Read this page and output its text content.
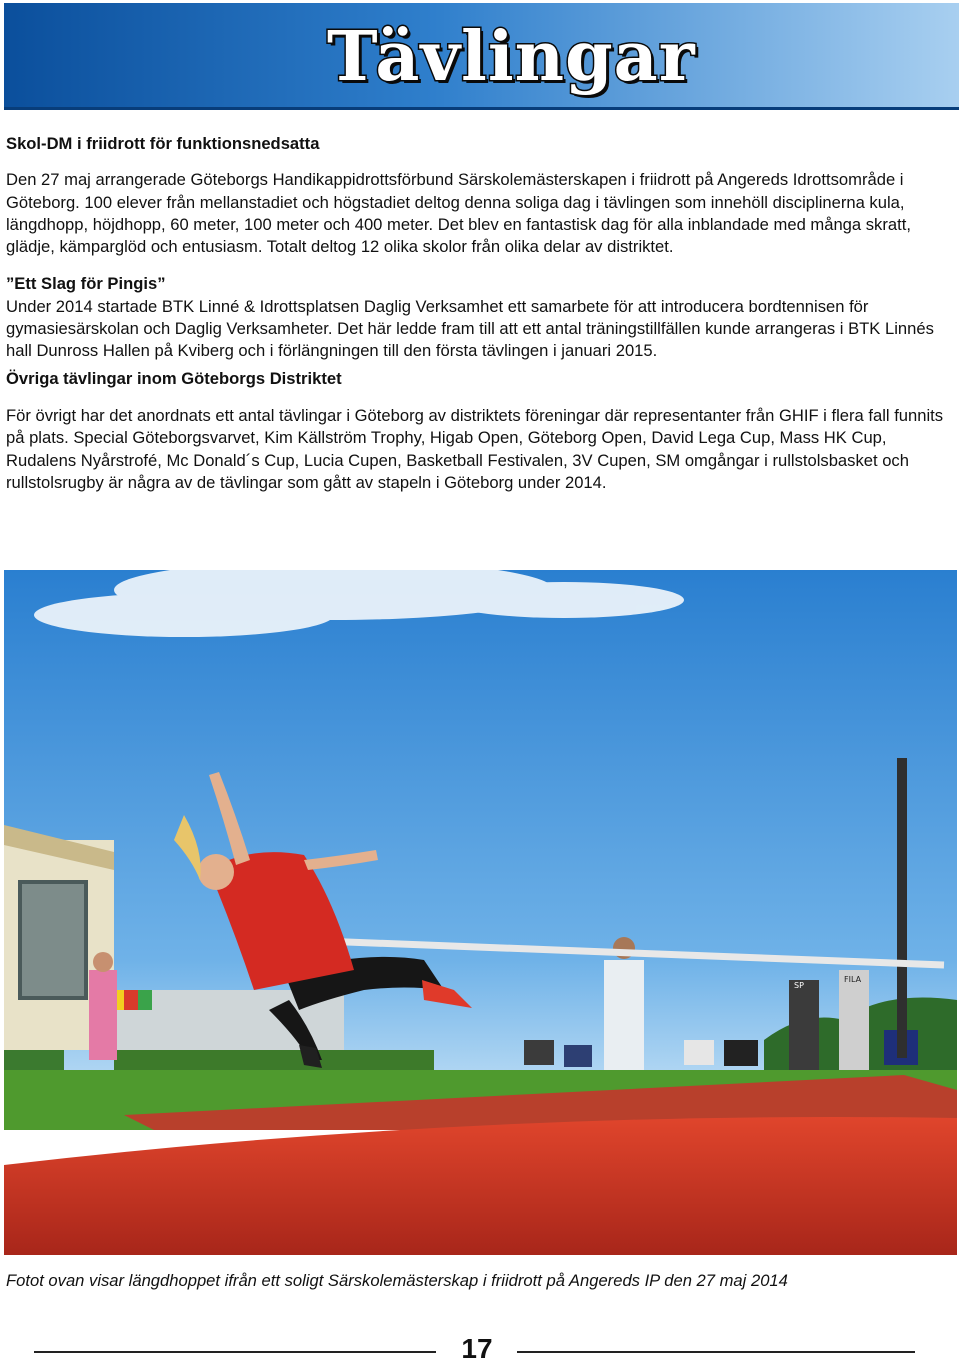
Tävlingar
Skol-DM i friidrott för funktionsnedsatta

Den 27 maj arrangerade Göteborgs Handikappidrottsförbund Särskolemästerskapen i friidrott på Angereds Idrottsområde i Göteborg. 100 elever från mellanstadiet och högstadiet deltog denna soliga dag i tävlingen som innehöll disciplinerna kula, längdhopp, höjdhopp, 60 meter, 100 meter och 400 meter. Det blev en fantastisk dag för alla inblandade med många skratt, glädje, kämparglöd och entusiasm. Totalt deltog 12 olika skolor från olika delar av distriktet.

”Ett Slag för Pingis”

Under 2014 startade BTK Linné & Idrottsplatsen Daglig Verksamhet ett samarbete för att introducera bordtennisen för gymasiesärskolan och Daglig Verksamheter. Det här ledde fram till att ett antal träningstillfällen kunde arrangeras i BTK Linnés hall Dunross Hallen på Kviberg och i förlängningen till den första tävlingen i januari 2015.

Övriga tävlingar inom Göteborgs Distriktet

För övrigt har det anordnats ett antal tävlingar i Göteborg av distriktets föreningar där representanter från GHIF i flera fall funnits på plats. Special Göteborgsvarvet, Kim Källström Trophy, Higab Open, Göteborg Open, David Lega Cup, Mass HK Cup, Rudalens Nyårstrofé, Mc Donald´s Cup, Lucia Cupen, Basketball Festivalen, 3V Cupen, SM omgångar i rullstolsbasket och rullstolsrugby är några av de tävlingar som gått av stapeln i Göteborg under 2014.

SP
FILA

Fotot ovan visar längdhoppet ifrån ett soligt Särskolemästerskap i friidrott på Angereds IP den 27 maj 2014

17
